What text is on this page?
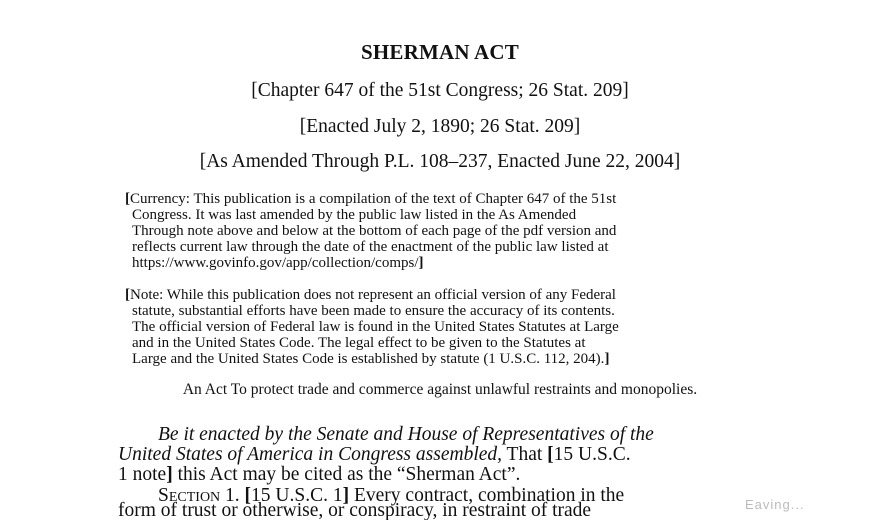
SHERMAN ACT
[Chapter 647 of the 51st Congress; 26 Stat. 209]
[Enacted July 2, 1890; 26 Stat. 209]
[As Amended Through P.L. 108–237, Enacted June 22, 2004]

[Currency: This publication is a compilation of the text of Chapter 647 of the 51st

Congress. It was last amended by the public law listed in the As Amended

Through note above and below at the bottom of each page of the pdf version and

reflects current law through the date of the enactment of the public law listed at

https://www.govinfo.gov/app/collection/comps/]

[Note: While this publication does not represent an official version of any Federal

statute, substantial efforts have been made to ensure the accuracy of its contents.

The official version of Federal law is found in the United States Statutes at Large

and in the United States Code. The legal effect to be given to the Statutes at

Large and the United States Code is established by statute (1 U.S.C. 112, 204).]

An Act To protect trade and commerce against unlawful restraints and monopolies.
Be it enacted by the Senate and House of Representatives of the
United States of America in Congress assembled, That [15 U.S.C.
1 note] this Act may be cited as the “Sherman Act”.
Section 1. [15 U.S.C. 1] Every contract, combination in the
form of trust or otherwise, or conspiracy, in restraint of trade	Eaving...
